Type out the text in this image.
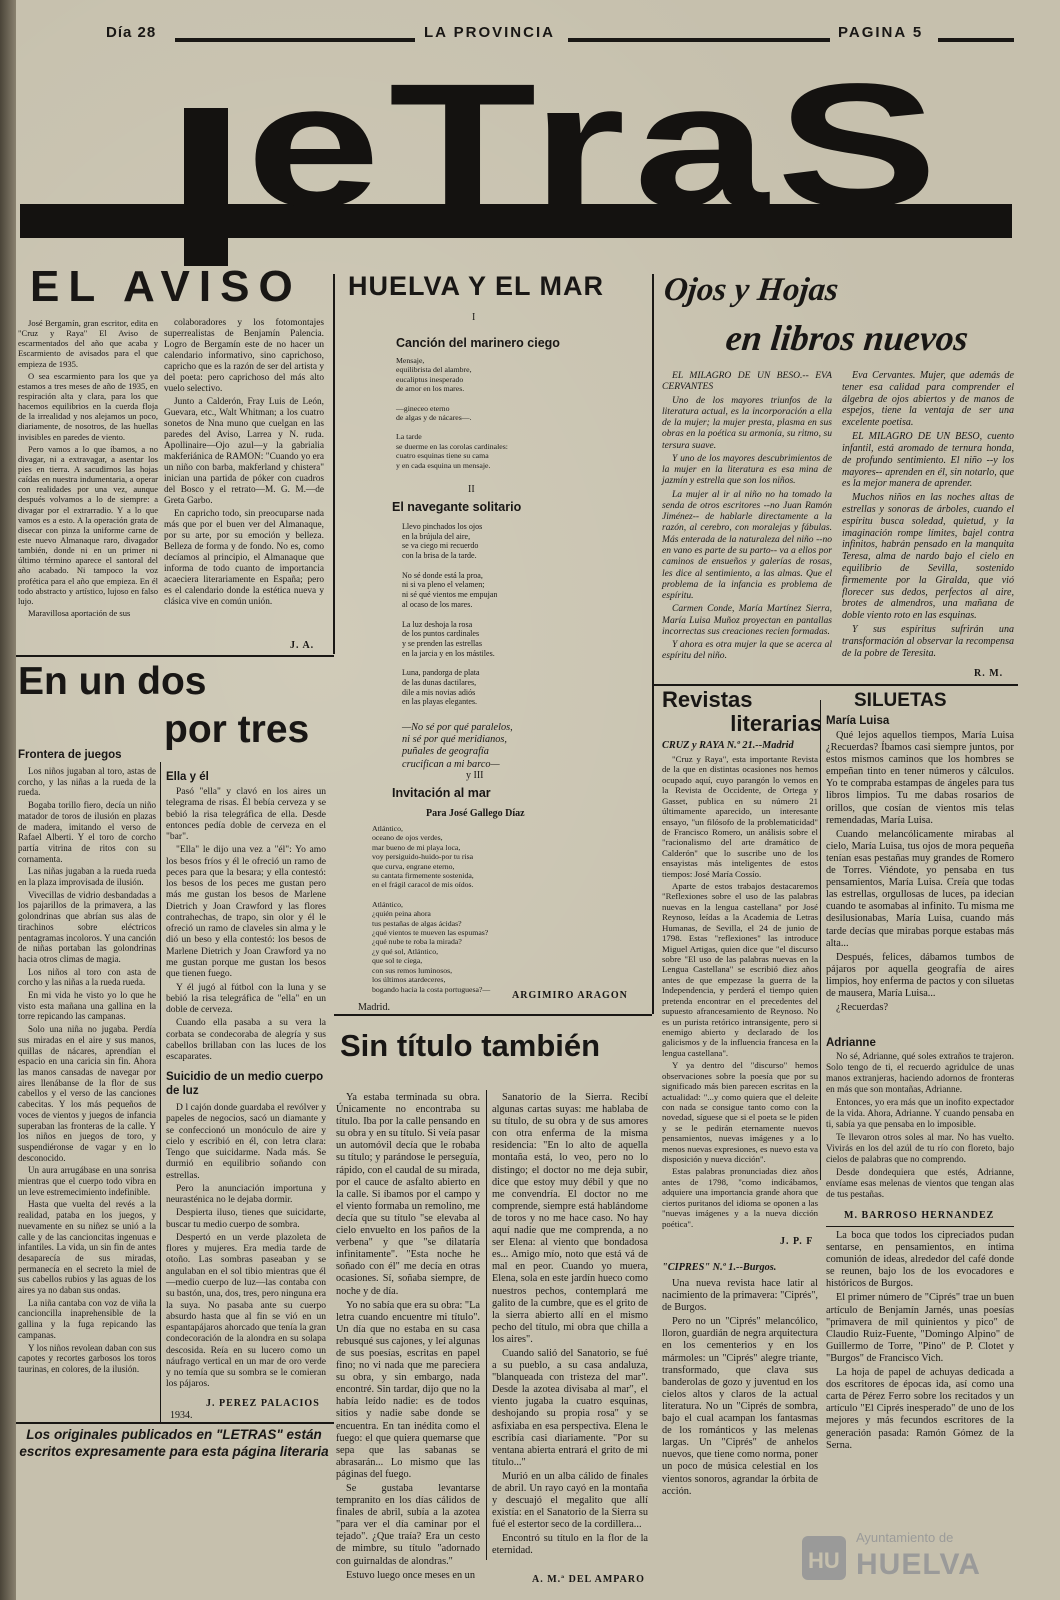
Día 28	LA PROVINCIA	PAGINA 5
eTraS
EL AVISO

José Bergamín, gran escritor, edita en "Cruz y Raya" El Aviso de escarmentados del año que acaba y Escarmiento de avisados para el que empieza de 1935.

O sea escarmiento para los que ya estamos a tres meses de año de 1935, en respiración alta y clara, para los que hacemos equilibrios en la cuerda floja de la irrealidad y nos alejamos un poco, diariamente, de nosotros, de las huellas invisibles en paredes de viento.

Pero vamos a lo que íbamos, a no divagar, ni a extravagar, a asentar los pies en tierra. A sacudirnos las hojas caídas en nuestra indumentaria, a operar con realidades por una vez, aunque después volvamos a lo de siempre: a divagar por el extrarradio. Y a lo que vamos es a esto. A la operación grata de disecar con pinza la uniforme carne de este nuevo Almanaque raro, divagador también, donde ni en un primer ni último término aparece el santoral del año acabado. Ni tampoco la voz profética para el año que empieza. En él todo abstracto y artístico, lujoso en falso lujo.

Maravillosa aportación de sus

colaboradores y los fotomontajes superrealistas de Benjamín Palencia. Logro de Bergamín este de no hacer un calendario informativo, sino caprichoso, capricho que es la razón de ser del artista y del poeta: pero caprichoso del más alto vuelo selectivo.

Junto a Calderón, Fray Luis de León, Guevara, etc., Walt Whitman; a los cuatro sonetos de Nna muno que cuelgan en las paredes del Aviso, Larrea y N. ruda. Apollinaire—Ojo azul—y la gabrialia makferiánica de RAMON: "Cuando yo era un niño con barba, makferland y chistera" inician una partida de póker con cuadros del Bosco y el retrato—M. G. M.—de Greta Garbo.

En capricho todo, sin preocuparse nada más que por el buen ver del Almanaque, por su arte, por su emoción y belleza. Belleza de forma y de fondo. No es, como decíamos al principio, el Almanaque que informa de todo cuanto de importancia acaeciera literariamente en España; pero es el calendario donde la estética nueva y clásica vive en común unión.

J. A.
HUELVA Y EL MAR
I
Canción del marinero ciego
Mensaje,
equilibrista del alambre,
eucaliptus inesperado
de amor en los mares.
—gineceo eterno
de algas y de nácares—.
La tarde
se duerme en las corolas cardinales:
cuatro esquinas tiene su cama
y en cada esquina un mensaje.
II
El navegante solitario
Llevo pinchados los ojos
en la brújula del aire,
se va ciego mi recuerdo
con la brisa de la tarde.
No sé donde está la proa,
ni si va pleno el velamen;
ni sé qué vientos me empujan
al ocaso de los mares.
La luz deshoja la rosa
de los puntos cardinales
y se prenden las estrellas
en la jarcia y en los mástiles.
Luna, pandorga de plata
de las dunas dactilares,
dile a mis novias adiós
en las playas elegantes.
—No sé por qué paralelos,
ni sé por qué meridianos,
puñales de geografía
crucifican a mi barco—
y III
Invitación al mar
Para José Gallego Díaz
Atlántico,
oceano de ojos verdes,
mar bueno de mi playa loca,
voy persiguido-huido-por tu risa
que curva, engrane eterno,
su cantata firmemente sostenida,
en el frágil caracol de mis oídos.
Atlántico,
¿quién peina ahora
tus pestañas de algas ácidas?
¿qué vientos te mueven las espumas?
¿qué nube te roba la mirada?
¿y qué sol, Atlántico,
que sol te ciega,
con sus remos luminosos,
los últimos atardeceres,
bogando hacia la costa portuguesa?—
ARGIMIRO ARAGON
Madrid.
Ojos y Hojas
en libros nuevos

EL MILAGRO DE UN BESO.-- EVA CERVANTES

Uno de los mayores triunfos de la literatura actual, es la incorporación a ella de la mujer; la mujer presta, plasma en sus obras en la poética su armonía, su ritmo, su tersura suave.

Y uno de los mayores descubrimientos de la mujer en la literatura es esa mina de jazmín y estrella que son los niños.

La mujer al ir al niño no ha tomado la senda de otros escritores --no Juan Ramón Jiménez-- de hablarle directamente a la razón, al cerebro, con moralejas y fábulas. Más enterada de la naturaleza del niño --no en vano es parte de su parto-- va a ellos por caminos de ensueños y galerías de rosas, les dice al sentimiento, a las almas. Que el problema de la infancia es problema de espíritu.

Carmen Conde, María Martínez Sierra, María Luisa Muñoz proyectan en pantallas incorrectas sus creaciones recien formadas.

Y ahora es otra mujer la que se acerca al espíritu del niño.

Eva Cervantes. Mujer, que además de tener esa calidad para comprender el álgebra de ojos abiertos y de manos de espejos, tiene la ventaja de ser una excelente poetisa.

EL MILAGRO DE UN BESO, cuento infantil, está aromado de ternura honda, de profundo sentimiento. El niño --y los mayores-- aprenden en él, sin notarlo, que es la mejor manera de aprender.

Muchos niños en las noches altas de estrellas y sonoras de árboles, cuando el espíritu busca soledad, quietud, y la imaginación rompe límites, bajel contra infinitos, habrán pensado en la manquita Teresa, alma de nardo bajo el cielo en equilibrio de Sevilla, sostenido firmemente por la Giralda, que vió florecer sus dedos, perfectos al aire, brotes de almendros, una mañana de doble viento roto en las esquinas.

Y sus espíritus sufrirán una transformación al observar la recompensa de la pobre de Teresita.

R. M.
En un dos
por tres
Frontera de juegos

Los niños jugaban al toro, astas de corcho, y las niñas a la rueda de la rueda.

Bogaba torillo fiero, decía un niño matador de toros de ilusión en plazas de madera, imitando el verso de Rafael Alberti. Y el toro de corcho partía vitrina de ritos con su cornamenta.

Las niñas jugaban a la rueda rueda en la plaza improvisada de ilusión.

Vivecillas de vidrio desbandadas a los pajarillos de la primavera, a las golondrinas que abrían sus alas de tirachinos sobre eléctricos pentagramas incoloros. Y una canción de niñas portaban las golondrinas hacia otros climas de magia.

Los niños al toro con asta de corcho y las niñas a la rueda rueda.

En mi vida he visto yo lo que he visto esta mañana una gallina en la torre repicando las campanas.

Solo una niña no jugaba. Perdía sus miradas en el aire y sus manos, quillas de nácares, aprendían el espacio en una caricia sin fin. Ahora las manos cansadas de navegar por aires llenábanse de la flor de sus cabellos y el verso de las canciones cabecitas. Y los más pequeños de voces de vientos y juegos de infancia superaban las fronteras de la calle. Y los niños en juegos de toro, y suspendiéronse de vagar y en lo desconocido.

Un aura arrugábase en una sonrisa mientras que el cuerpo todo vibra en un leve estremecimiento indefinible.

Hasta que vuelta del revés a la realidad, pataba en los juegos, y nuevamente en su niñez se unió a la calle y de las cancioncitas ingenuas e infantiles. La vida, un sin fin de antes desaparecía de sus miradas, permanecía en el secreto la miel de sus cabellos rubios y las aguas de los aires ya no daban sus ondas.

La niña cantaba con voz de viña la cancioncilla inaprehensible de la gallina y la fuga repicando las campanas.

Y los niños revolean daban con sus capotes y recortes garbosos los toros taurinas, en colores, de la ilusión.

Ella y él

Pasó "ella" y clavó en los aires un telegrama de risas. Él bebía cerveza y se bebió la risa telegráfica de ella. Desde entonces pedía doble de cerveza en el "bar".

"Ella" le dijo una vez a "él": Yo amo los besos fríos y él le ofreció un ramo de peces para que la besara; y ella contestó: los besos de los peces me gustan pero más me gustan los besos de Marlene Dietrich y Joan Crawford y las flores contrahechas, de trapo, sin olor y él le ofreció un ramo de claveles sin alma y le dió un beso y ella contestó: los besos de Marlene Dietrich y Joan Crawford ya no me gustan porque me gustan los besos que tienen fuego.

Y él jugó al fútbol con la luna y se bebió la risa telegráfica de "ella" en un doble de cerveza.

Cuando ella pasaba a su vera la corbata se condecoraba de alegría y sus cabellos brillaban con las luces de los escaparates.

Suicidio de un medio cuerpo de luz

D l cajón donde guardaba el revólver y papeles de negocios, sacó un diamante y se confeccionó un monóculo de aire y cielo y escribió en él, con letra clara: Tengo que suicidarme. Nada más. Se durmió en equilibrio soñando con estrellas.

Pero la anunciación importuna y neurasténica no le dejaba dormir.

Despierta iluso, tienes que suicidarte, buscar tu medio cuerpo de sombra.

Despertó en un verde plazoleta de flores y mujeres. Era media tarde de otoño. Las sombras paseaban y se angulaban en el sol tibio mientras que él—medio cuerpo de luz—las contaba con su bastón, una, dos, tres, pero ninguna era la suya. No pasaba ante su cuerpo absurdo hasta que al fin se vió en un espantapájaros ahorcado que tenía la gran condecoración de la alondra en su solapa descosida. Reía en su lucero como un náufrago vertical en un mar de oro verde y no temía que su sombra se le comieran los pájaros.

J. PEREZ PALACIOS
1934.
Los originales publicados en "LETRAS" están escritos expresamente para esta página literaria
Sin título también

Ya estaba terminada su obra. Únicamente no encontraba su título. Iba por la calle pensando en su obra y en su título. Si veía pasar un automóvil decía que le robaba su título; y parándose le perseguía, rápido, con el caudal de su mirada, por el cauce de asfalto abierto en la calle. Si íbamos por el campo y el viento formaba un remolino, me decía que su título "se elevaba al cielo envuelto en los paños de la verbena" y que "se dilataría infinitamente". "Esta noche he soñado con él" me decía en otras ocasiones. Sí, soñaba siempre, de noche y de día.

Yo no sabía que era su obra: "La letra cuando encuentre mi título". Un día que no estaba en su casa rebusqué sus cajones, y leí algunas de sus poesías, escritas en papel fino; no vi nada que me pareciera su obra, y sin embargo, nada encontré. Sin tardar, dijo que no la había leído nadie: es de todos sitios y nadie sabe donde se encuentra. En tan inédita como el fuego: el que quiera quemarse que sepa que las sabanas se abrasarán... Lo mismo que las páginas del fuego.

Se gustaba levantarse tempranito en los días cálidos de finales de abril, subía a la azotea "para ver el día caminar por el tejado". ¿Que traía? Era un cesto de mimbre, su título "adornado con guirnaldas de alondras."

Estuvo luego once meses en un

Sanatorio de la Sierra. Recibí algunas cartas suyas: me hablaba de su título, de su obra y de sus amores con otra enferma de la misma residencia: "En lo alto de aquella montaña está, lo veo, pero no lo distingo; el doctor no me deja subir, dice que estoy muy débil y que no me convendría. El doctor no me comprende, siempre está hablándome de toros y no me hace caso. No hay aquí nadie que me comprenda, a no ser Elena: al viento que bondadosa es... Amigo mío, noto que está vá de mal en peor. Cuando yo muera, Elena, sola en este jardín hueco como nuestros pechos, contemplará me galito de la cumbre, que es el grito de la sierra abierto allí en el mismo pecho del título, mi obra que chilla a los aires".

Cuando salió del Sanatorio, se fué a su pueblo, a su casa andaluza, "blanqueada con tristeza del mar". Desde la azotea divisaba al mar", el viento jugaba la cuatro esquinas, deshojando su propia rosa" y se asfixiaba en esa perspectiva. Elena le escribía casi diariamente. "Por su ventana abierta entrará el grito de mi título..."

Murió en un alba cálido de finales de abril. Un rayo cayó en la montaña y descuajó el megalito que allí existía: en el Sanatorio de la Sierra su fué el estertor seco de la cordillera...

Encontró su título en la flor de la eternidad.

A. M.ª DEL AMPARO
Revistas
literarias
CRUZ y RAYA N.º 21.--Madrid

"Cruz y Raya", esta importante Revista de la que en distintas ocasiones nos hemos ocupado aquí, cuyo parangón lo vemos en la Revista de Occidente, de Ortega y Gasset, publica en su número 21 últimamente aparecido, un interesante ensayo, "un filósofo de la problematicidad" de Francisco Romero, un análisis sobre el "racionalismo del arte dramático de Calderón" que lo suscribe uno de los ensayistas más inteligentes de estos tiempos: José María Cossío.

Aparte de estos trabajos destacaremos "Reflexiones sobre el uso de las palabras nuevas en la lengua castellana" por José Reynoso, leídas a la Academia de Letras Humanas, de Sevilla, el 24 de junio de 1798. Estas "reflexiones" las introduce Miguel Artigas, quien dice que "el discurso sobre "El uso de las palabras nuevas en la Lengua Castellana" se escribió diez años antes de que empezase la guerra de la Independencia, y perderá el tiempo quien pretenda encontrar en el precedentes del supuesto afrancesamiento de Reynoso. No es un purista retórico intransigente, pero si enemigo abierto y declarado de los galicismos y de la influencia francesa en la lengua castellana".

Y ya dentro del "discurso" hemos observaciones sobre la poesía que por su significado más bien parecen escritas en la actualidad: "...y como quiera que el deleite con nada se consigue tanto como con la novedad, síguese que si el poeta se le piden y se le pedirán eternamente nuevos pensamientos, nuevas imágenes y a lo menos nuevas expresiones, es nuevo esta va disposición y nueva dicción".

Estas palabras pronunciadas diez años antes de 1798, "como indicábamos, adquiere una importancia grande ahora que ciertos puritanos del idioma se oponen a las "nuevas imágenes y a la nueva dicción poética".

J. P. F
"CIPRES" N.º 1.--Burgos.

Una nueva revista hace latir al nacimiento de la primavera: "Ciprés", de Burgos.

Pero no un "Ciprés" melancólico, lloron, guardián de negra arquitectura en los cementerios y en los mármoles: un "Ciprés" alegre triante, transformado, que clava sus banderolas de gozo y juventud en los cielos altos y claros de la actual literatura. No un "Ciprés de sombra, bajo el cual acampan los fantasmas de los románticos y las melenas largas. Un "Ciprés" de anhelos nuevos, que tiene como norma, poner un poco de música celestial en los vientos sonoros, agrandar la órbita de acción.

SILUETAS
María Luisa

Qué lejos aquellos tiempos, María Luisa ¿Recuerdas? Íbamos casi siempre juntos, por estos mismos caminos que los hombres se empeñan tinto en tener números y cálculos. Yo te compraba estampas de ángeles para tus libros limpios. Tu me dabas rosarios de orillos, que cosían de vientos mis telas remendadas, María Luisa.

Cuando melancólicamente mirabas al cielo, María Luisa, tus ojos de mora pequeña tenían esas pestañas muy grandes de Romero de Torres. Viéndote, yo pensaba en tus pensamientos, María Luisa. Creía que todas las estrellas, orgullosas de luces, pa idecian cuando te asomabas al infinito. Tu misma me desilusionabas, María Luisa, cuando más tarde decías que mirabas porque estabas más alta...

Después, felices, dábamos tumbos de pájaros por aquella geografía de aires limpios, hoy enferma de pactos y con siluetas de mausera, María Luisa...

¿Recuerdas?

Adrianne

No sé, Adrianne, qué soles extraños te trajeron. Solo tengo de ti, el recuerdo agridulce de unas manos extranjeras, haciendo adornos de fronteras en más que son montañas, Adrianne.

Entonces, yo era más que un inofito expectador de la vida. Ahora, Adrianne. Y cuando pensaba en ti, sabía ya que pensaba en lo imposible.

Te llevaron otros soles al mar. No has vuelto. Vivirás en los del azúl de tu río con floreto, bajo cielos de palabras que no comprendo.

Desde dondequiera que estés, Adrianne, envíame esas melenas de vientos que tengan alas de tus pestañas.

M. BARROSO HERNANDEZ

La boca que todos los cipreciados pudan sentarse, en pensamientos, en íntima comunión de ideas, alrededor del café donde se reunen, bajo los de los evocadores e históricos de Burgos.

El primer número de "Ciprés" trae un buen artículo de Benjamín Jarnés, unas poesías "primavera de mil quinientos y pico" de Claudio Ruiz-Fuente, "Domingo Alpino" de Guillermo de Torre, "Pino" de P. Clotet y "Burgos" de Francisco Vich.

La hoja de papel de achuyas dedicada a dos escritores de épocas ida, así como una carta de Pérez Ferro sobre los recitados y un artículo "El Ciprés inesperado" de uno de los mejores y más fecundos escritores de la generación pasada: Ramón Gómez de la Serna.

HU
Ayuntamiento de
HUELVA
